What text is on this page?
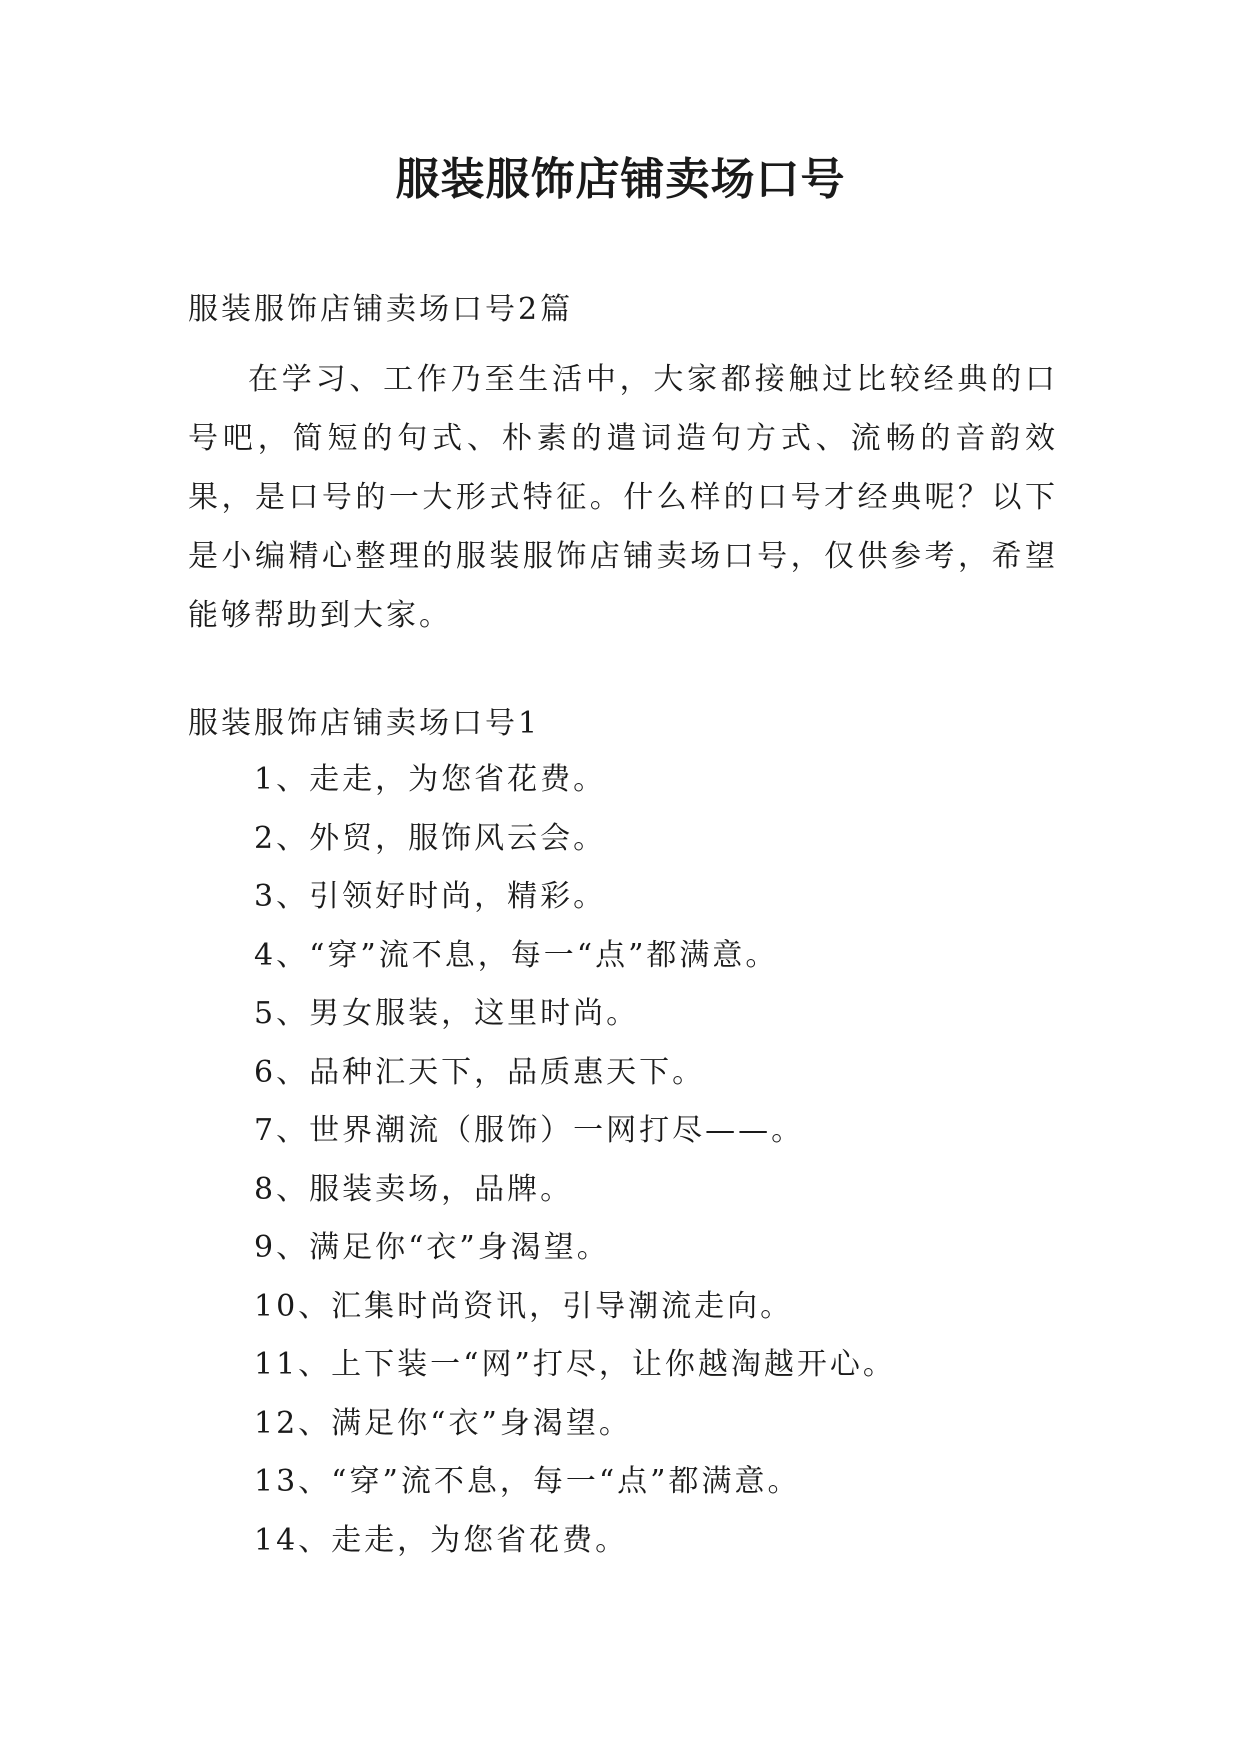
服装服饰店铺卖场口号
服装服饰店铺卖场口号2篇
在学习、工作乃至生活中，大家都接触过比较经典的口号吧，简短的句式、朴素的遣词造句方式、流畅的音韵效果，是口号的一大形式特征。什么样的口号才经典呢？以下是小编精心整理的服装服饰店铺卖场口号，仅供参考，希望能够帮助到大家。
服装服饰店铺卖场口号1
1、走走，为您省花费。
2、外贸，服饰风云会。
3、引领好时尚，精彩。
4、“穿”流不息，每一“点”都满意。
5、男女服装，这里时尚。
6、品种汇天下，品质惠天下。
7、世界潮流（服饰）一网打尽——。
8、服装卖场，品牌。
9、满足你“衣”身渴望。
10、汇集时尚资讯，引导潮流走向。
11、上下装一“网”打尽，让你越淘越开心。
12、满足你“衣”身渴望。
13、“穿”流不息，每一“点”都满意。
14、走走，为您省花费。
